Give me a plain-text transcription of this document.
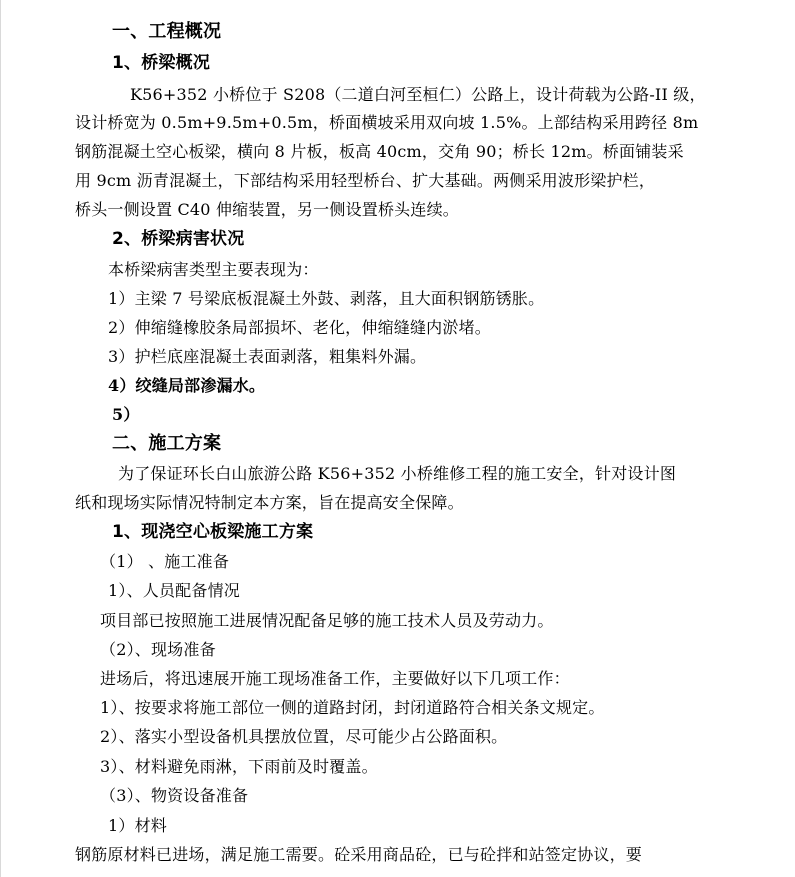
一、工程概况
1、桥梁概况
K56+352 小桥位于 S208（二道白河至桓仁）公路上，设计荷载为公路-II 级，
设计桥宽为 0.5m+9.5m+0.5m，桥面横坡采用双向坡 1.5%。上部结构采用跨径 8m
钢筋混凝土空心板梁，横向 8 片板，板高 40cm，交角 90；桥长 12m。桥面铺装采
用 9cm 沥青混凝土，下部结构采用轻型桥台、扩大基础。两侧采用波形梁护栏，
桥头一侧设置 C40 伸缩装置，另一侧设置桥头连续。
2、桥梁病害状况
本桥梁病害类型主要表现为：
1）主梁 7 号梁底板混凝土外鼓、剥落，且大面积钢筋锈胀。
2）伸缩缝橡胶条局部损坏、老化，伸缩缝缝内淤堵。
3）护栏底座混凝土表面剥落，粗集料外漏。
4）绞缝局部渗漏水。
5）
二、施工方案
为了保证环长白山旅游公路 K56+352 小桥维修工程的施工安全，针对设计图
纸和现场实际情况特制定本方案，旨在提高安全保障。
1、现浇空心板梁施工方案
（1） 、施工准备
1）、人员配备情况
项目部已按照施工进展情况配备足够的施工技术人员及劳动力。
（2）、现场准备
进场后，将迅速展开施工现场准备工作，主要做好以下几项工作：
1）、按要求将施工部位一侧的道路封闭，封闭道路符合相关条文规定。
2）、落实小型设备机具摆放位置，尽可能少占公路面积。
3）、材料避免雨淋，下雨前及时覆盖。
（3）、物资设备准备
1）材料
钢筋原材料已进场，满足施工需要。砼采用商品砼，已与砼拌和站签定协议，要
